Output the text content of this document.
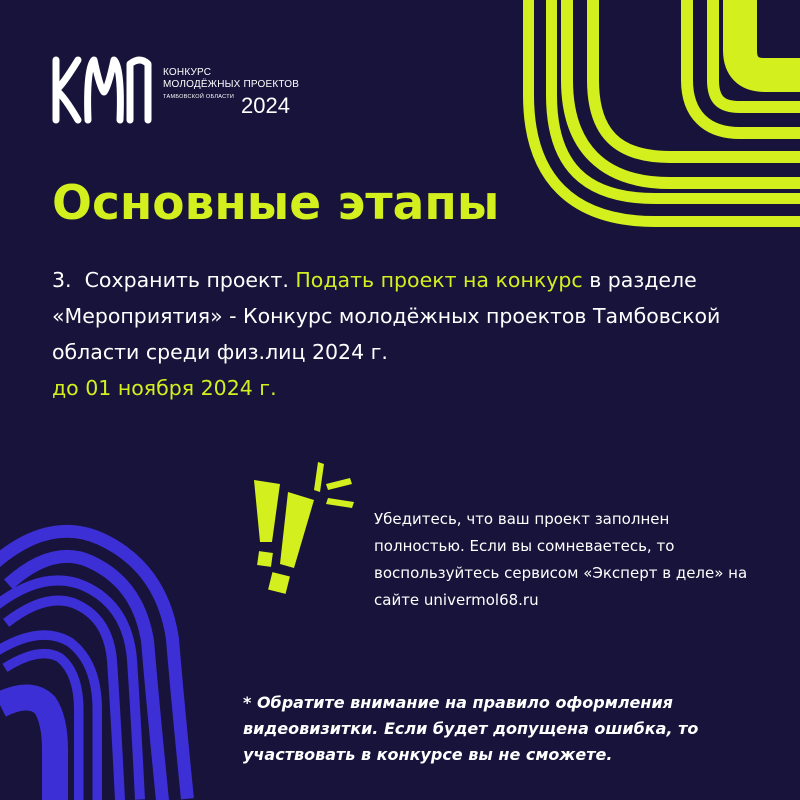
КОНКУРС
МОЛОДЁЖНЫХ ПРОЕКТОВ
ТАМБОВСКОЙ ОБЛАСТИ 2024
Основные этапы

3. Сохранить проект. Подать проект на конкурс в разделе «Мероприятия» - Конкурс молодёжных проектов Тамбовской области среди физ.лиц 2024 г.
до 01 ноября 2024 г.

Убедитесь, что ваш проект заполнен полностью. Если вы сомневаетесь, то воспользуйтесь сервисом «Эксперт в деле» на сайте univermol68.ru

* Обратите внимание на правило оформления видеовизитки. Если будет допущена ошибка, то участвовать в конкурсе вы не сможете.
